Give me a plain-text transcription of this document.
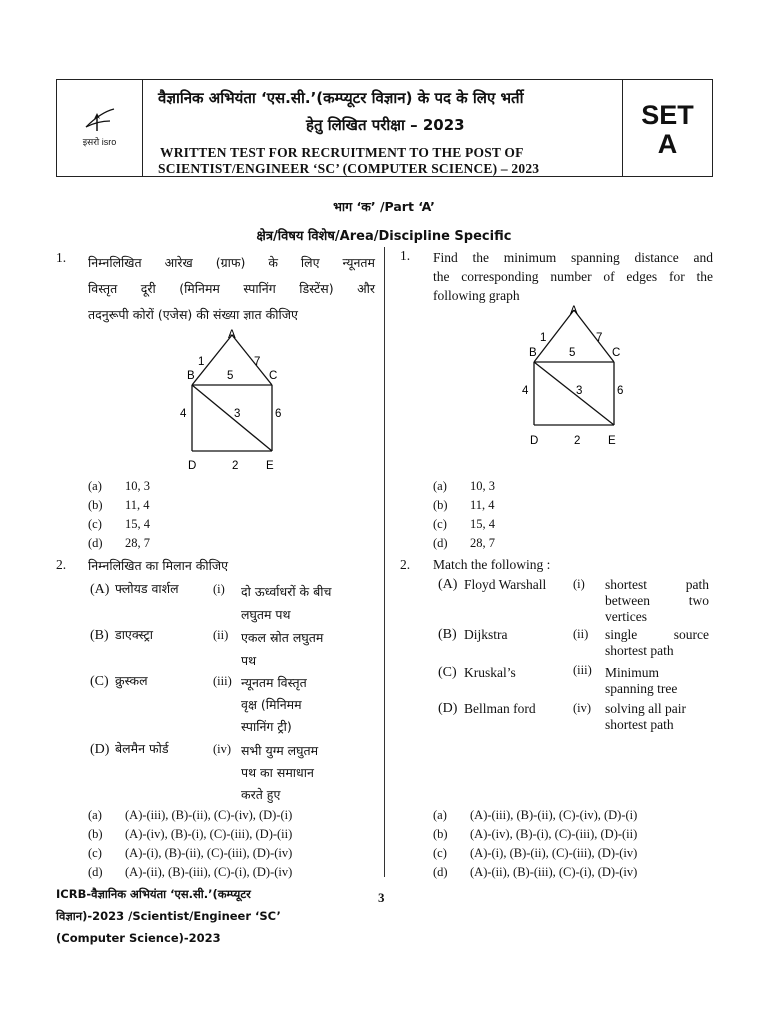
इसरो isro
वैज्ञानिक अभियंता ‘एस.सी.’(कम्प्यूटर विज्ञान) के पद के लिए भर्ती
हेतु लिखित परीक्षा – 2023
WRITTEN TEST FOR RECRUITMENT TO THE POST OF
SCIENTIST/ENGINEER ‘SC’ (COMPUTER SCIENCE) – 2023
SET
A
भाग ‘क’ /Part ‘A’
क्षेत्र/विषय विशेष/Area/Discipline Specific
1. निम्नलिखित आरेख (ग्राफ) के लिए न्यूनतम
विस्तृत दूरी (मिनिमम स्पानिंग डिस्टेंस) और
तदनुरूपी कोरों (एजेस) की संख्या ज्ञात कीजिए
A
B	C
D	E
1	7
5
4	3	6
2
(a) 10, 3
(b) 11, 4
(c) 15, 4
(d) 28, 7
1. Find the minimum spanning distance and
the corresponding number of edges for the
following graph
A
B	C
D	E
1	7
5
4	3	6
2
(a) 10, 3
(b) 11, 4
(c) 15, 4
(d) 28, 7
2. निम्नलिखित का मिलान कीजिए
(A) फ्लोयड वार्शल	(i) दो ऊर्ध्वाधरों के बीच
लघुतम पथ
(B) डाएक्स्ट्रा	(ii) एकल स्रोत लघुतम
पथ
(C) क्रुस्कल	(iii) न्यूनतम विस्तृत
वृक्ष (मिनिमम
स्पानिंग ट्री)
(D) बेलमैन फोर्ड	(iv) सभी युग्म लघुतम
पथ का समाधान
करते हुए
(a) (A)-(iii), (B)-(ii), (C)-(iv), (D)-(i)
(b) (A)-(iv), (B)-(i), (C)-(iii), (D)-(ii)
(c) (A)-(i), (B)-(ii), (C)-(iii), (D)-(iv)
(d) (A)-(ii), (B)-(iii), (C)-(i), (D)-(iv)
2. Match the following :
(A) Floyd Warshall (i) shortest path
between two
vertices
(B) Dijkstra	(ii) single source
shortest path
(C) Kruskal’s	(iii) Minimum
spanning tree
(D) Bellman ford	(iv) solving all pair
shortest path
(a) (A)-(iii), (B)-(ii), (C)-(iv), (D)-(i)
(b) (A)-(iv), (B)-(i), (C)-(iii), (D)-(ii)
(c) (A)-(i), (B)-(ii), (C)-(iii), (D)-(iv)
(d) (A)-(ii), (B)-(iii), (C)-(i), (D)-(iv)
ICRB-वैज्ञानिक अभियंता ‘एस.सी.’(कम्प्यूटर
विज्ञान)-2023 /Scientist/Engineer ‘SC’
(Computer Science)-2023
3
